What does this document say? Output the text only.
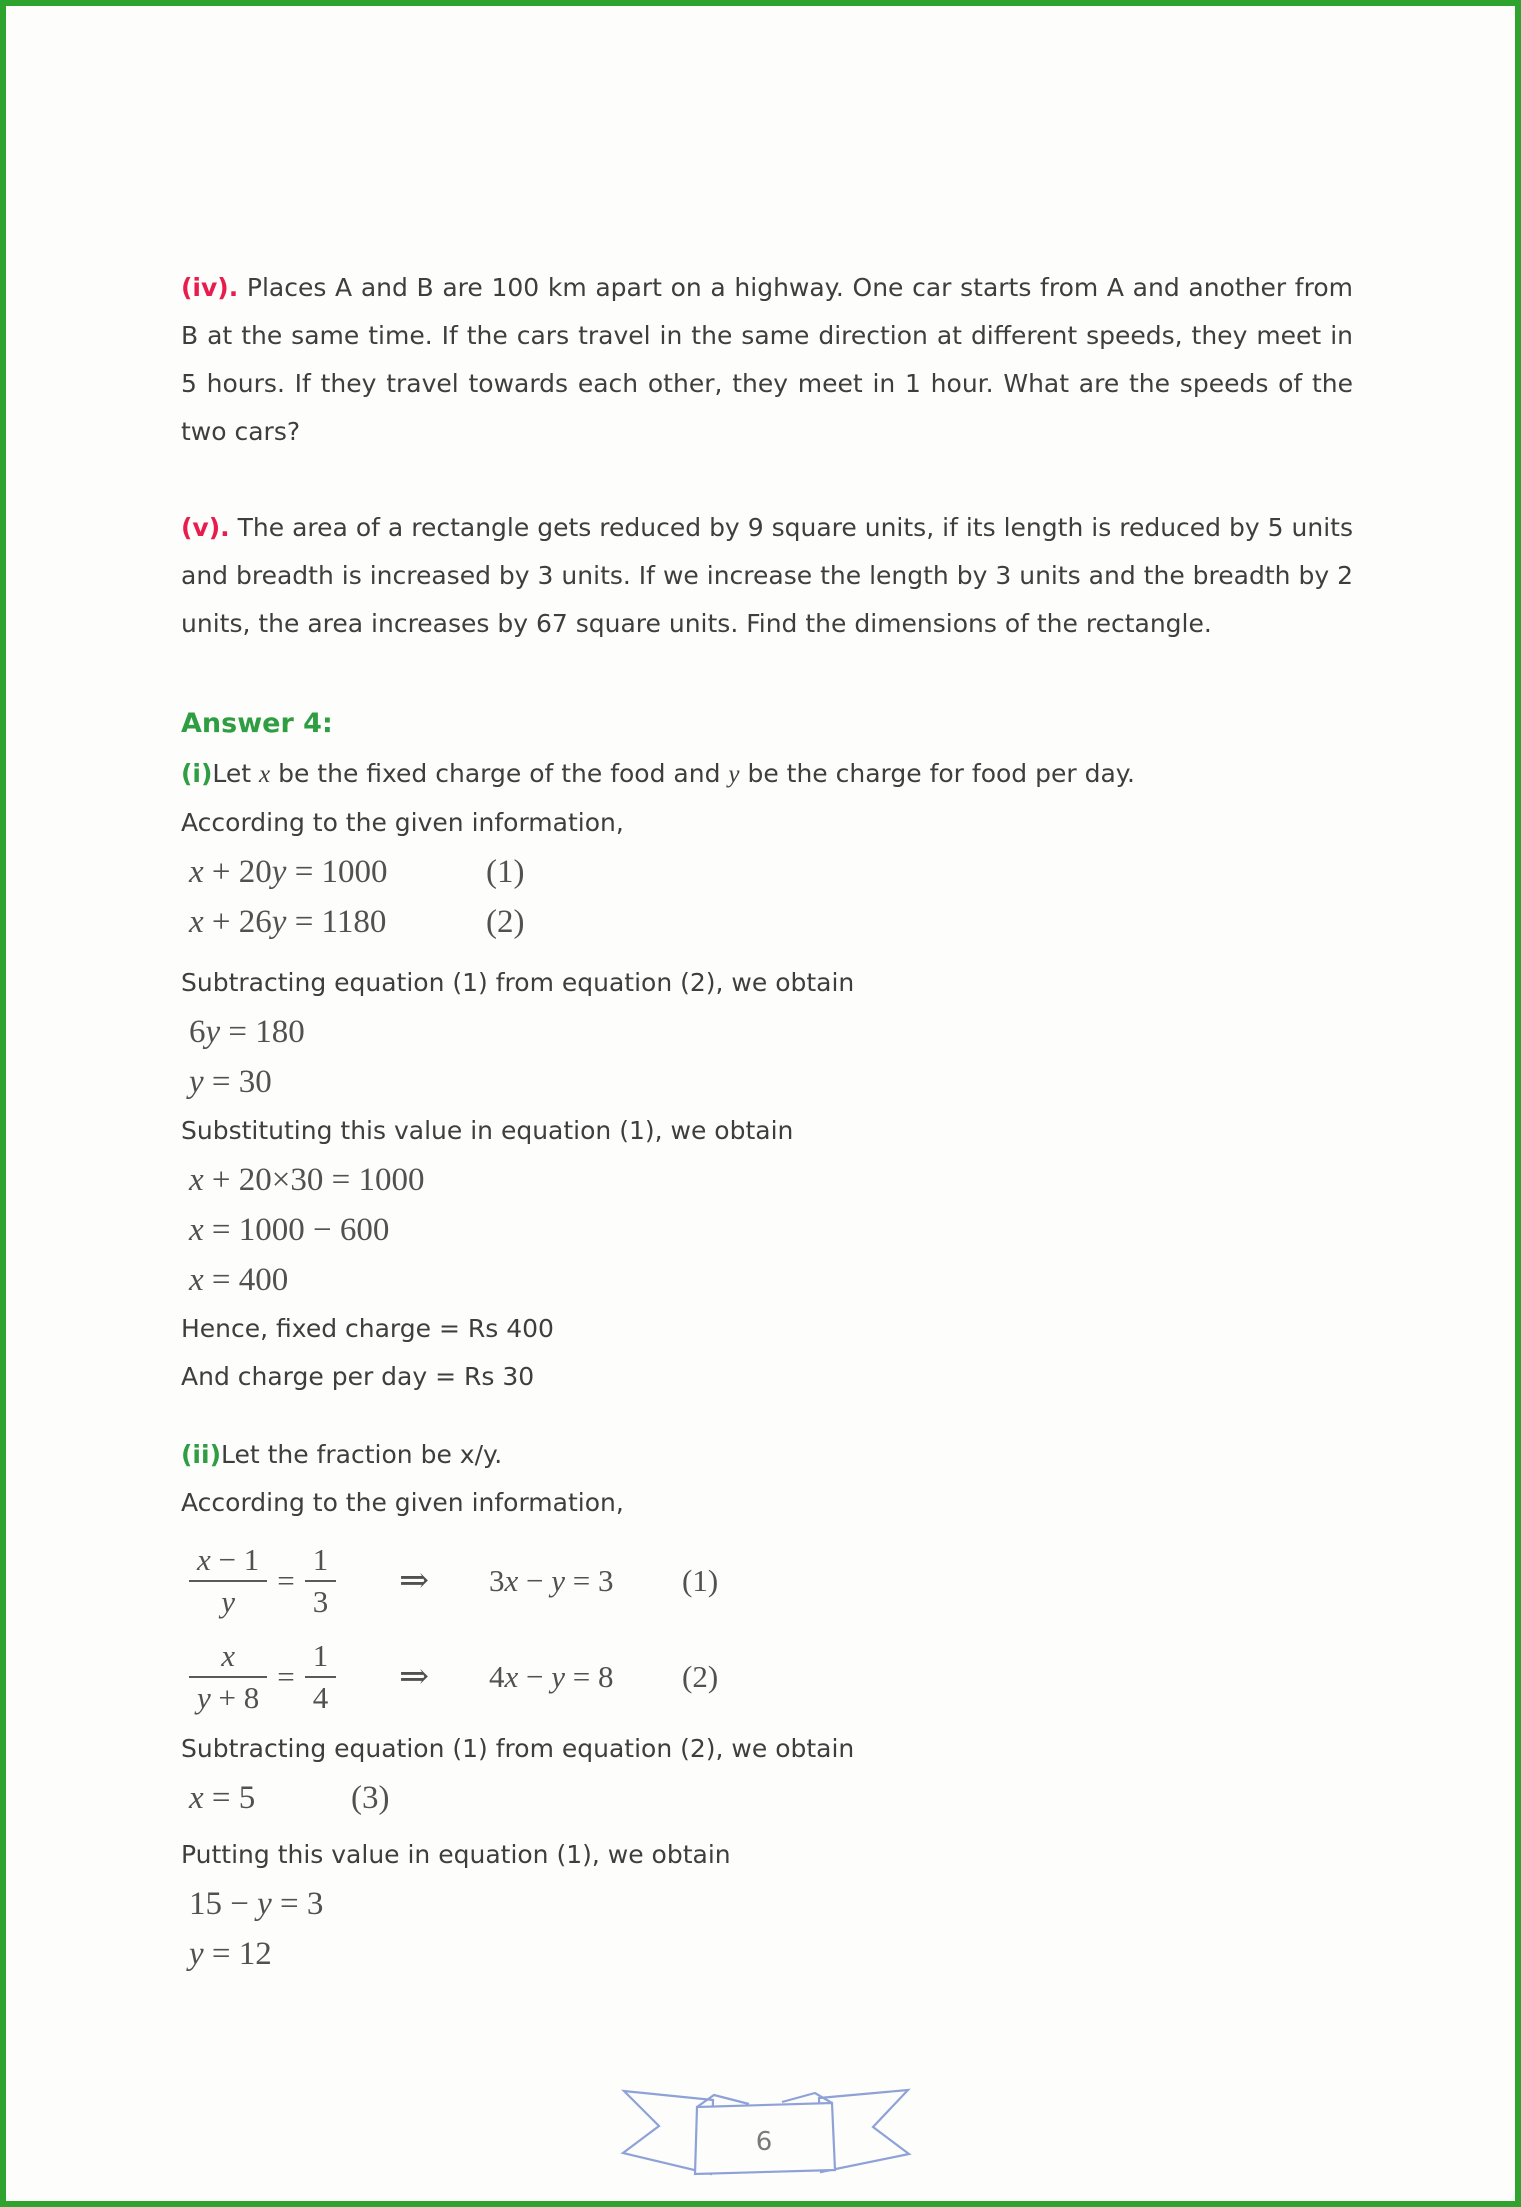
(iv). Places A and B are 100 km apart on a highway. One car starts from A and another from B at the same time. If the cars travel in the same direction at different speeds, they meet in 5 hours. If they travel towards each other, they meet in 1 hour. What are the speeds of the two cars?

(v). The area of a rectangle gets reduced by 9 square units, if its length is reduced by 5 units and breadth is increased by 3 units. If we increase the length by 3 units and the breadth by 2 units, the area increases by 67 square units. Find the dimensions of the rectangle.

Answer 4:

(i)Let x be the fixed charge of the food and y be the charge for food per day.

According to the given information,
x + 20y = 1000	(1)
x + 26y = 1180	(2)
Subtracting equation (1) from equation (2), we obtain
6y = 180
y = 30
Substituting this value in equation (1), we obtain
x + 20×30 = 1000
x = 1000 − 600
x = 400
Hence, fixed charge = Rs 400
And charge per day = Rs 30

(ii)Let the fraction be x/y.

According to the given information,
$\frac{x - 1}{y} = \frac{1}{3}$ ⇒ 3x − y = 3 (1)
$\frac{x}{y + 8} = \frac{1}{4}$ ⇒ 4x − y = 8 (2)
Subtracting equation (1) from equation (2), we obtain
x = 5	(3)
Putting this value in equation (1), we obtain
15 − y = 3
y = 12
6
